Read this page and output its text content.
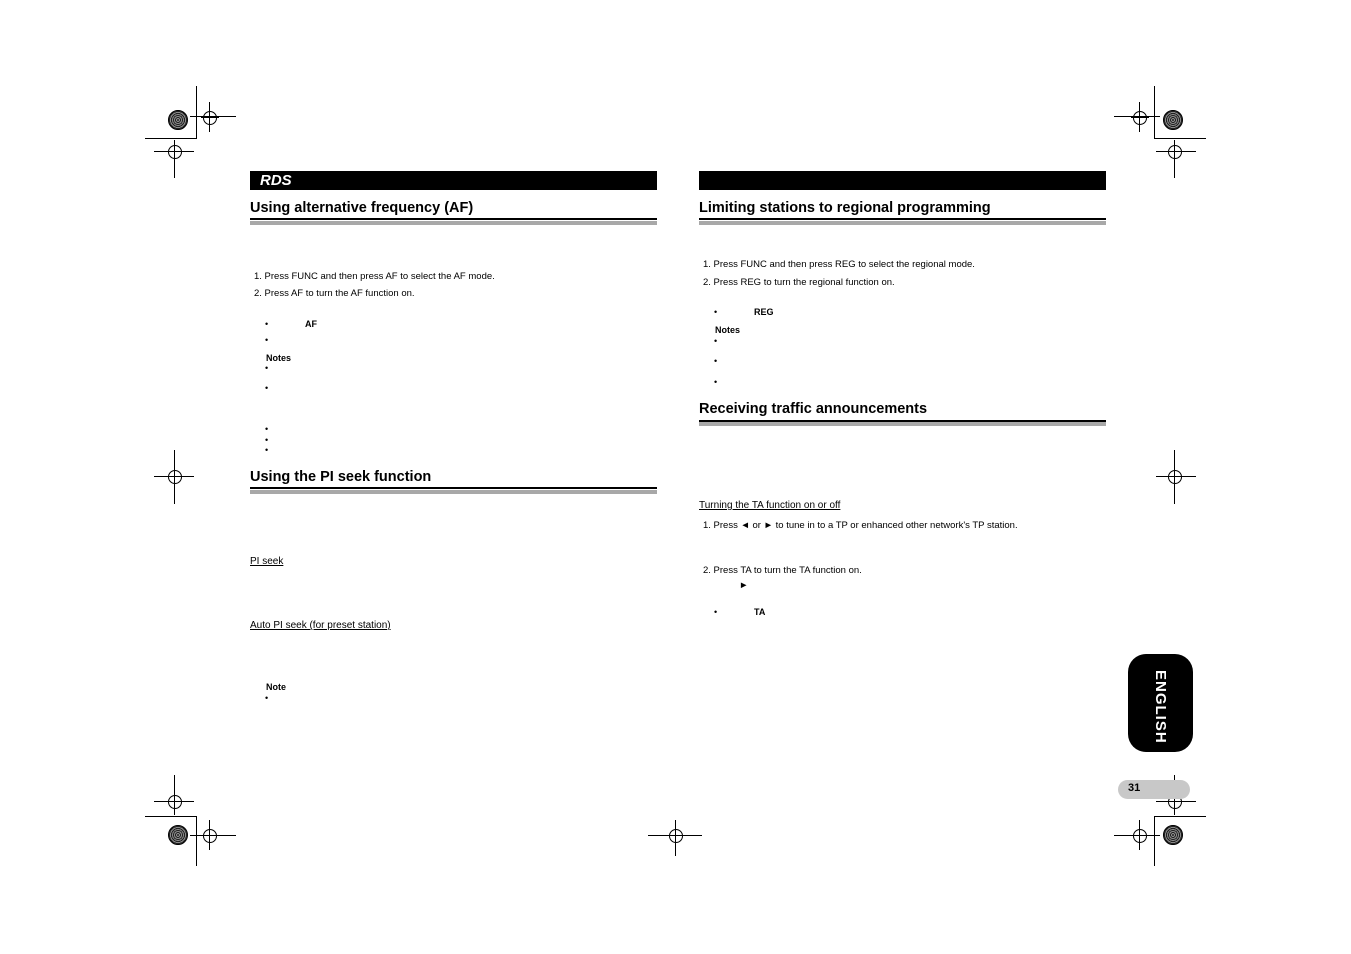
RDS
Using alternative frequency (AF)
1. Press FUNC and then press AF to select the AF mode.
2. Press AF to turn the AF function on.
•	AF
•
Notes
•
•
•
•
•
Using the PI seek function
PI seek
Auto PI seek (for preset station)
Note
•
Limiting stations to regional programming
1. Press FUNC and then press REG to select the regional mode.
2. Press REG to turn the regional function on.
•	REG
Notes
•
•
•
Receiving traffic announcements
Turning the TA function on or off
1. Press ◄ or ► to tune in to a TP or enhanced other network's TP station.
2. Press TA to turn the TA function on.
►
•	TA
ENGLISH
31
